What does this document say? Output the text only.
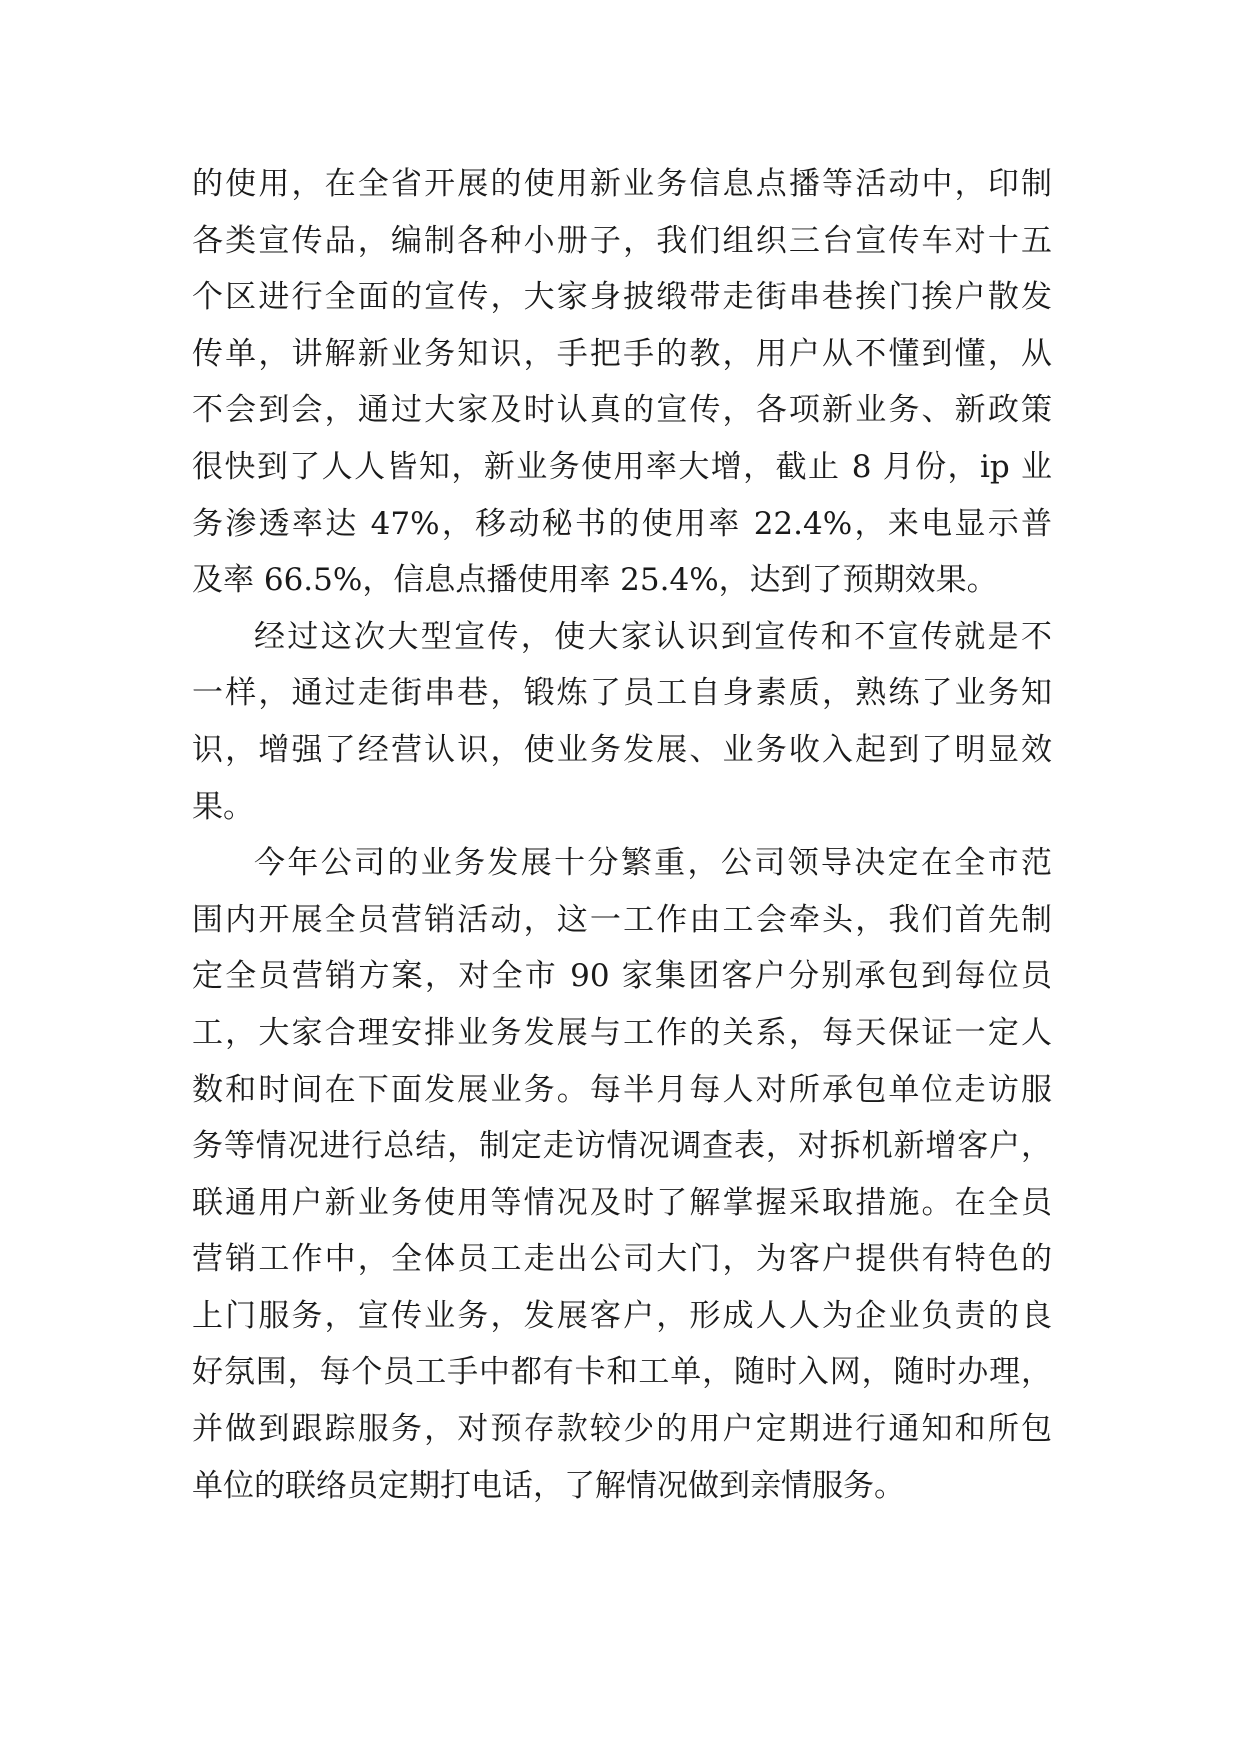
的使用，在全省开展的使用新业务信息点播等活动中，印制
各类宣传品，编制各种小册子，我们组织三台宣传车对十五
个区进行全面的宣传，大家身披缎带走街串巷挨门挨户散发
传单，讲解新业务知识，手把手的教，用户从不懂到懂，从
不会到会，通过大家及时认真的宣传，各项新业务、新政策
很快到了人人皆知，新业务使用率大增，截止 8 月份，ip 业
务渗透率达 47%，移动秘书的使用率 22.4%，来电显示普
及率 66.5%，信息点播使用率 25.4%，达到了预期效果。
经过这次大型宣传，使大家认识到宣传和不宣传就是不
一样，通过走街串巷，锻炼了员工自身素质，熟练了业务知
识，增强了经营认识，使业务发展、业务收入起到了明显效
果。
今年公司的业务发展十分繁重，公司领导决定在全市范
围内开展全员营销活动，这一工作由工会牵头，我们首先制
定全员营销方案，对全市 90 家集团客户分别承包到每位员
工，大家合理安排业务发展与工作的关系，每天保证一定人
数和时间在下面发展业务。每半月每人对所承包单位走访服
务等情况进行总结，制定走访情况调查表，对拆机新增客户，
联通用户新业务使用等情况及时了解掌握采取措施。在全员
营销工作中，全体员工走出公司大门，为客户提供有特色的
上门服务，宣传业务，发展客户，形成人人为企业负责的良
好氛围，每个员工手中都有卡和工单，随时入网，随时办理，
并做到跟踪服务，对预存款较少的用户定期进行通知和所包
单位的联络员定期打电话，了解情况做到亲情服务。
